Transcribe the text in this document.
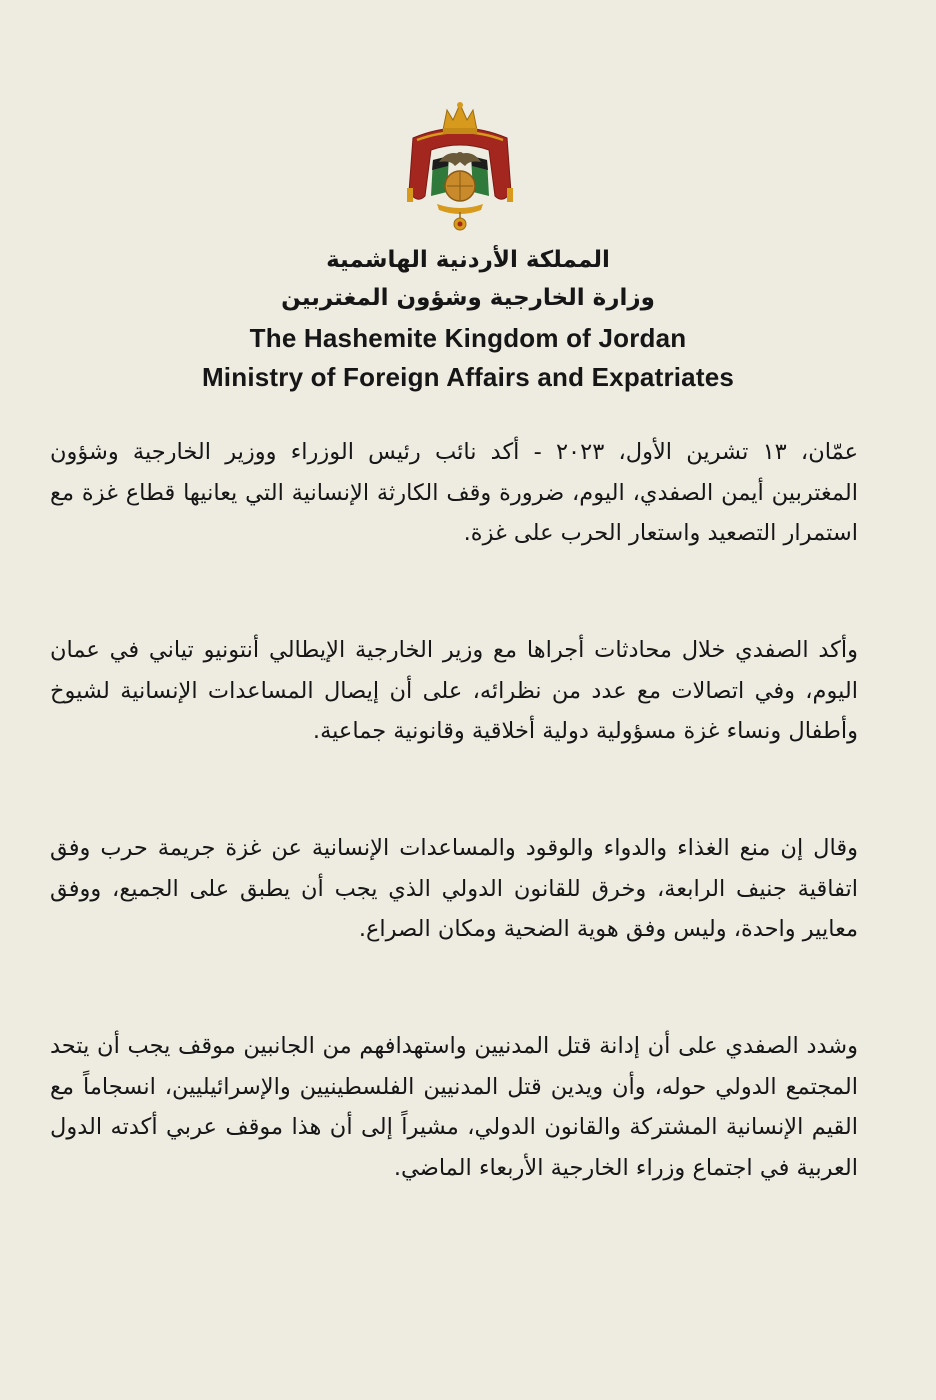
المملكة الأردنية الهاشمية
وزارة الخارجية وشؤون المغتربين
The Hashemite Kingdom of Jordan
Ministry of Foreign Affairs and Expatriates

عمّان، ١٣ تشرين الأول، ٢٠٢٣ - أكد نائب رئيس الوزراء ووزير الخارجية وشؤون المغتربين أيمن الصفدي، اليوم، ضرورة وقف الكارثة الإنسانية التي يعانيها قطاع غزة مع استمرار التصعيد واستعار الحرب على غزة.

وأكد الصفدي خلال محادثات أجراها مع وزير الخارجية الإيطالي أنتونيو تياني في عمان اليوم، وفي اتصالات مع عدد من نظرائه، على أن إيصال المساعدات الإنسانية لشيوخ وأطفال ونساء غزة مسؤولية دولية أخلاقية وقانونية جماعية.

وقال إن منع الغذاء والدواء والوقود والمساعدات الإنسانية عن غزة جريمة حرب وفق اتفاقية جنيف الرابعة، وخرق للقانون الدولي الذي يجب أن يطبق على الجميع، ووفق معايير واحدة، وليس وفق هوية الضحية ومكان الصراع.

وشدد الصفدي على أن إدانة قتل المدنيين واستهدافهم من الجانبين موقف يجب أن يتحد المجتمع الدولي حوله، وأن ويدين قتل المدنيين الفلسطينيين والإسرائيليين، انسجاماً مع القيم الإنسانية المشتركة والقانون الدولي، مشيراً إلى أن هذا موقف عربي أكدته الدول العربية في اجتماع وزراء الخارجية الأربعاء الماضي.
